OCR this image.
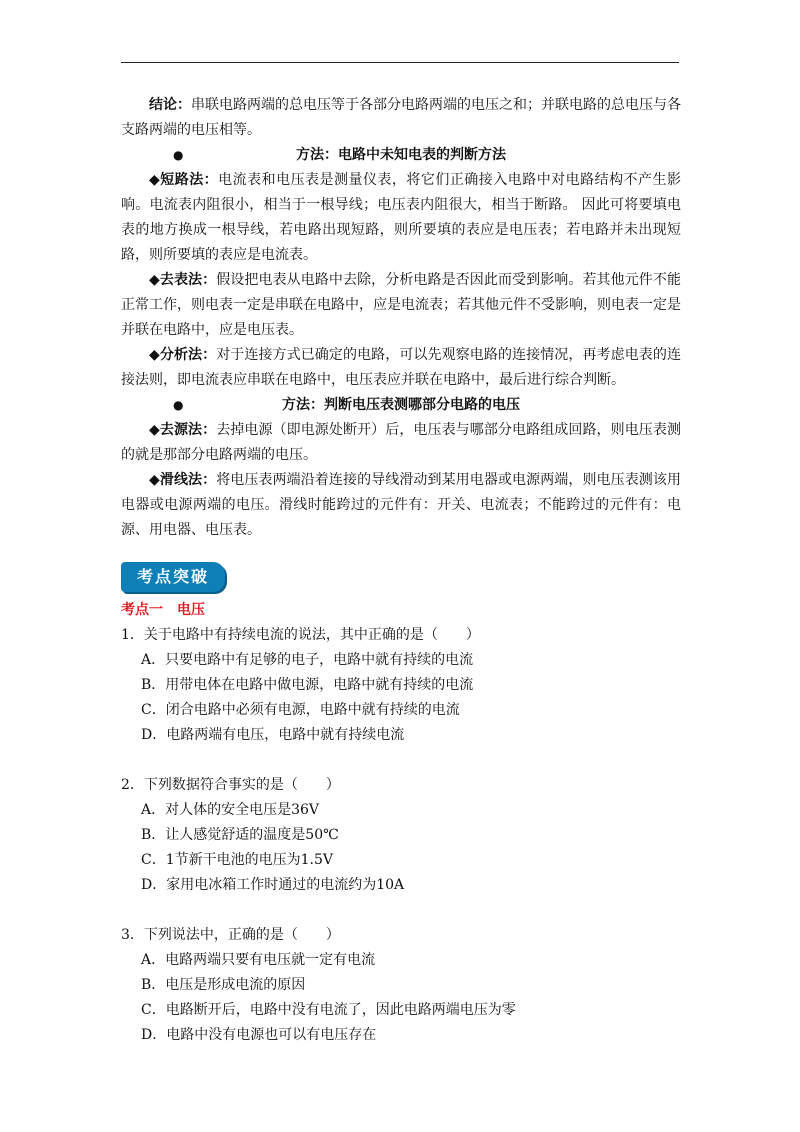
结论：串联电路两端的总电压等于各部分电路两端的电压之和；并联电路的总电压与各支路两端的电压相等。

●	方法：电路中未知电表的判断方法

◆短路法：电流表和电压表是测量仪表，将它们正确接入电路中对电路结构不产生影响。电流表内阻很小，相当于一根导线；电压表内阻很大，相当于断路。 因此可将要填电表的地方换成一根导线，若电路出现短路，则所要填的表应是电压表；若电路并未出现短路，则所要填的表应是电流表。

◆去表法：假设把电表从电路中去除，分析电路是否因此而受到影响。若其他元件不能正常工作，则电表一定是串联在电路中，应是电流表；若其他元件不受影响，则电表一定是并联在电路中，应是电压表。

◆分析法：对于连接方式已确定的电路，可以先观察电路的连接情况，再考虑电表的连接法则，即电流表应串联在电路中，电压表应并联在电路中，最后进行综合判断。

●	方法：判断电压表测哪部分电路的电压

◆去源法：去掉电源（即电源处断开）后，电压表与哪部分电路组成回路，则电压表测的就是那部分电路两端的电压。

◆滑线法：将电压表两端沿着连接的导线滑动到某用电器或电源两端，则电压表测该用电器或电源两端的电压。滑线时能跨过的元件有：开关、电流表；不能跨过的元件有：电源、用电器、电压表。

考点突破
考点一　电压

1．关于电路中有持续电流的说法，其中正确的是（　　）

A．只要电路中有足够的电子，电路中就有持续的电流

B．用带电体在电路中做电源，电路中就有持续的电流

C．闭合电路中必须有电源，电路中就有持续的电流

D．电路两端有电压，电路中就有持续电流

2．下列数据符合事实的是（　　）

A．对人体的安全电压是36V

B．让人感觉舒适的温度是50℃

C．1节新干电池的电压为1.5V

D．家用电冰箱工作时通过的电流约为10A

3．下列说法中，正确的是（　　）

A．电路两端只要有电压就一定有电流

B．电压是形成电流的原因

C．电路断开后，电路中没有电流了，因此电路两端电压为零

D．电路中没有电源也可以有电压存在
